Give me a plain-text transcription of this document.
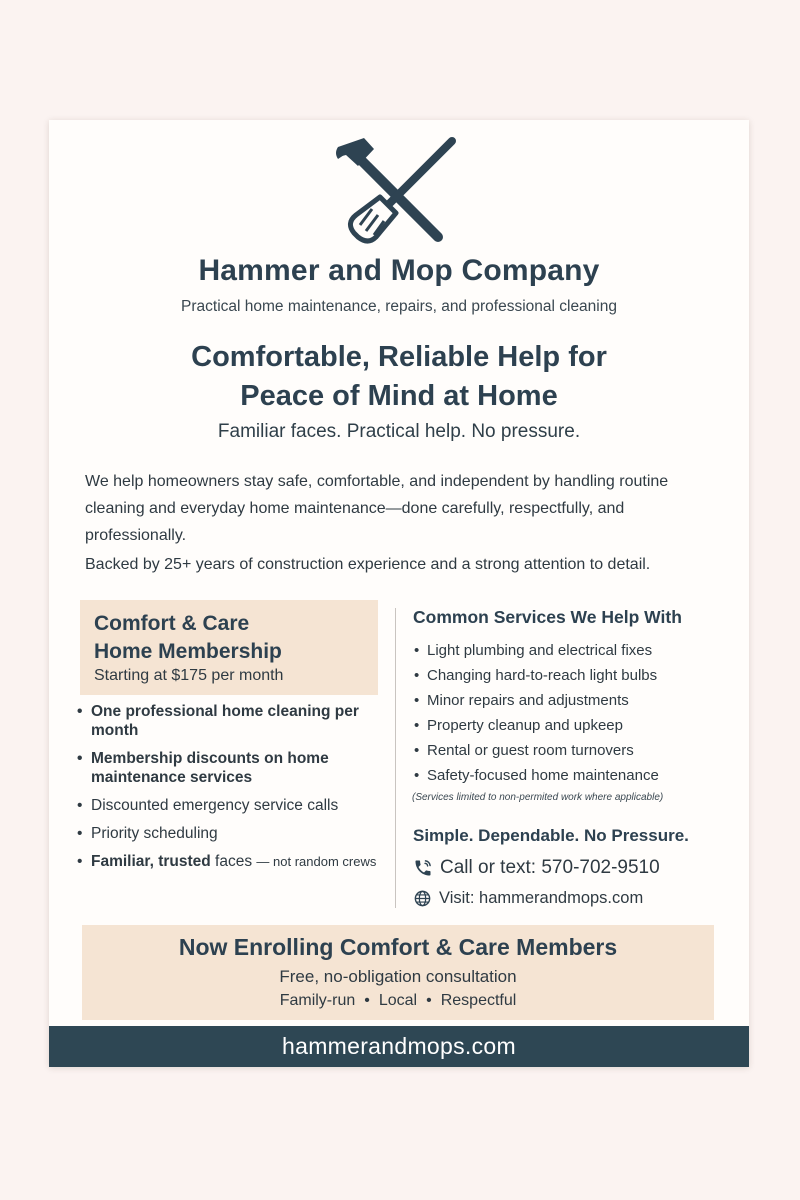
Hammer and Mop Company
Practical home maintenance, repairs, and professional cleaning
Comfortable, Reliable Help for
Peace of Mind at Home
Familiar faces. Practical help. No pressure.
We help homeowners stay safe, comfortable, and independent by handling routine cleaning and everyday home maintenance—done carefully, respectfully, and professionally.
Backed by 25+ years of construction experience and a strong attention to detail.
Comfort & Care
Home Membership
Starting at $175 per month
• One professional home cleaning per month
• Membership discounts on home maintenance services
• Discounted emergency service calls
• Priority scheduling
• Familiar, trusted faces — not random crews
Common Services We Help With
• Light plumbing and electrical fixes
• Changing hard-to-reach light bulbs
• Minor repairs and adjustments
• Property cleanup and upkeep
• Rental or guest room turnovers
• Safety-focused home maintenance
(Services limited to non-permited work where applicable)
Simple. Dependable. No Pressure.
Call or text: 570-702-9510
Visit: hammerandmops.com
Now Enrolling Comfort & Care Members
Free, no-obligation consultation
Family-run • Local • Respectful
hammerandmops.com
